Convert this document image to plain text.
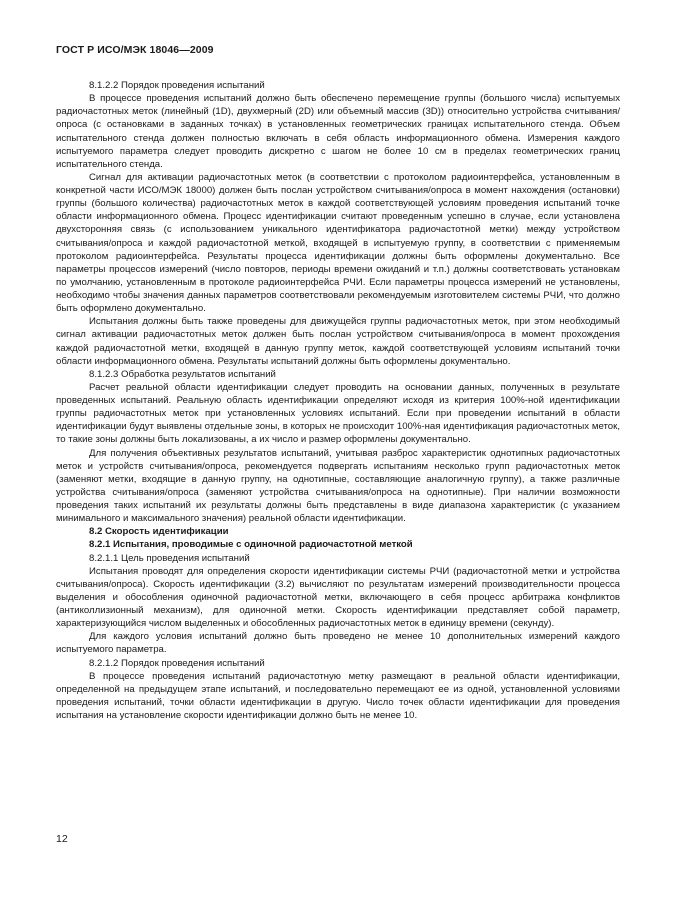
ГОСТ Р ИСО/МЭК 18046—2009

8.1.2.2 Порядок проведения испытаний

В процессе проведения испытаний должно быть обеспечено перемещение группы (большого числа) испытуемых радиочастотных меток (линейный (1D), двухмерный (2D) или объемный массив (3D)) относительно устройства считывания/опроса (с остановками в заданных точках) в установленных геометрических границах испытательного стенда. Объем испытательного стенда должен полностью включать в себя область информационного обмена. Измерения каждого испытуемого параметра следует проводить дискретно с шагом не более 10 см в пределах геометрических границ испытательного стенда.

Сигнал для активации радиочастотных меток (в соответствии с протоколом радиоинтерфейса, установленным в конкретной части ИСО/МЭК 18000) должен быть послан устройством считывания/опроса в момент нахождения (остановки) группы (большого количества) радиочастотных меток в каждой соответствующей условиям проведения испытаний точке области информационного обмена. Процесс идентификации считают проведенным успешно в случае, если установлена двухсторонняя связь (с использованием уникального идентификатора радиочастотной метки) между устройством считывания/опроса и каждой радиочастотной меткой, входящей в испытуемую группу, в соответствии с применяемым протоколом радиоинтерфейса. Результаты процесса идентификации должны быть оформлены документально. Все параметры процессов измерений (число повторов, периоды времени ожиданий и т.п.) должны соответствовать установкам по умолчанию, установленным в протоколе радиоинтерфейса РЧИ. Если параметры процесса измерений не установлены, необходимо чтобы значения данных параметров соответствовали рекомендуемым изготовителем системы РЧИ, что должно быть оформлено документально.

Испытания должны быть также проведены для движущейся группы радиочастотных меток, при этом необходимый сигнал активации радиочастотных меток должен быть послан устройством считывания/опроса в момент прохождения каждой радиочастотной метки, входящей в данную группу меток, каждой соответствующей условиям испытаний точки области информационного обмена. Результаты испытаний должны быть оформлены документально.

8.1.2.3 Обработка результатов испытаний

Расчет реальной области идентификации следует проводить на основании данных, полученных в результате проведенных испытаний. Реальную область идентификации определяют исходя из критерия 100%-ной идентификации группы радиочастотных меток при установленных условиях испытаний. Если при проведении испытаний в области идентификации будут выявлены отдельные зоны, в которых не происходит 100%-ная идентификация радиочастотных меток, то такие зоны должны быть локализованы, а их число и размер оформлены документально.

Для получения объективных результатов испытаний, учитывая разброс характеристик однотипных радиочастотных меток и устройств считывания/опроса, рекомендуется подвергать испытаниям несколько групп радиочастотных меток (заменяют метки, входящие в данную группу, на однотипные, составляющие аналогичную группу), а также различные устройства считывания/опроса (заменяют устройства считывания/опроса на однотипные). При наличии возможности проведения таких испытаний их результаты должны быть представлены в виде диапазона характеристик (с указанием минимального и максимального значения) реальной области идентификации.

8.2 Скорость идентификации

8.2.1 Испытания, проводимые с одиночной радиочастотной меткой

8.2.1.1 Цель проведения испытаний

Испытания проводят для определения скорости идентификации системы РЧИ (радиочастотной метки и устройства считывания/опроса). Скорость идентификации (3.2) вычисляют по результатам измерений производительности процесса выделения и обособления одиночной радиочастотной метки, включающего в себя процесс арбитража конфликтов (антиколлизионный механизм), для одиночной метки. Скорость идентификации представляет собой параметр, характеризующийся числом выделенных и обособленных радиочастотных меток в единицу времени (секунду).

Для каждого условия испытаний должно быть проведено не менее 10 дополнительных измерений каждого испытуемого параметра.

8.2.1.2 Порядок проведения испытаний

В процессе проведения испытаний радиочастотную метку размещают в реальной области идентификации, определенной на предыдущем этапе испытаний, и последовательно перемещают ее из одной, установленной условиями проведения испытаний, точки области идентификации в другую. Число точек области идентификации для проведения испытания на установление скорости идентификации должно быть не менее 10.

12
